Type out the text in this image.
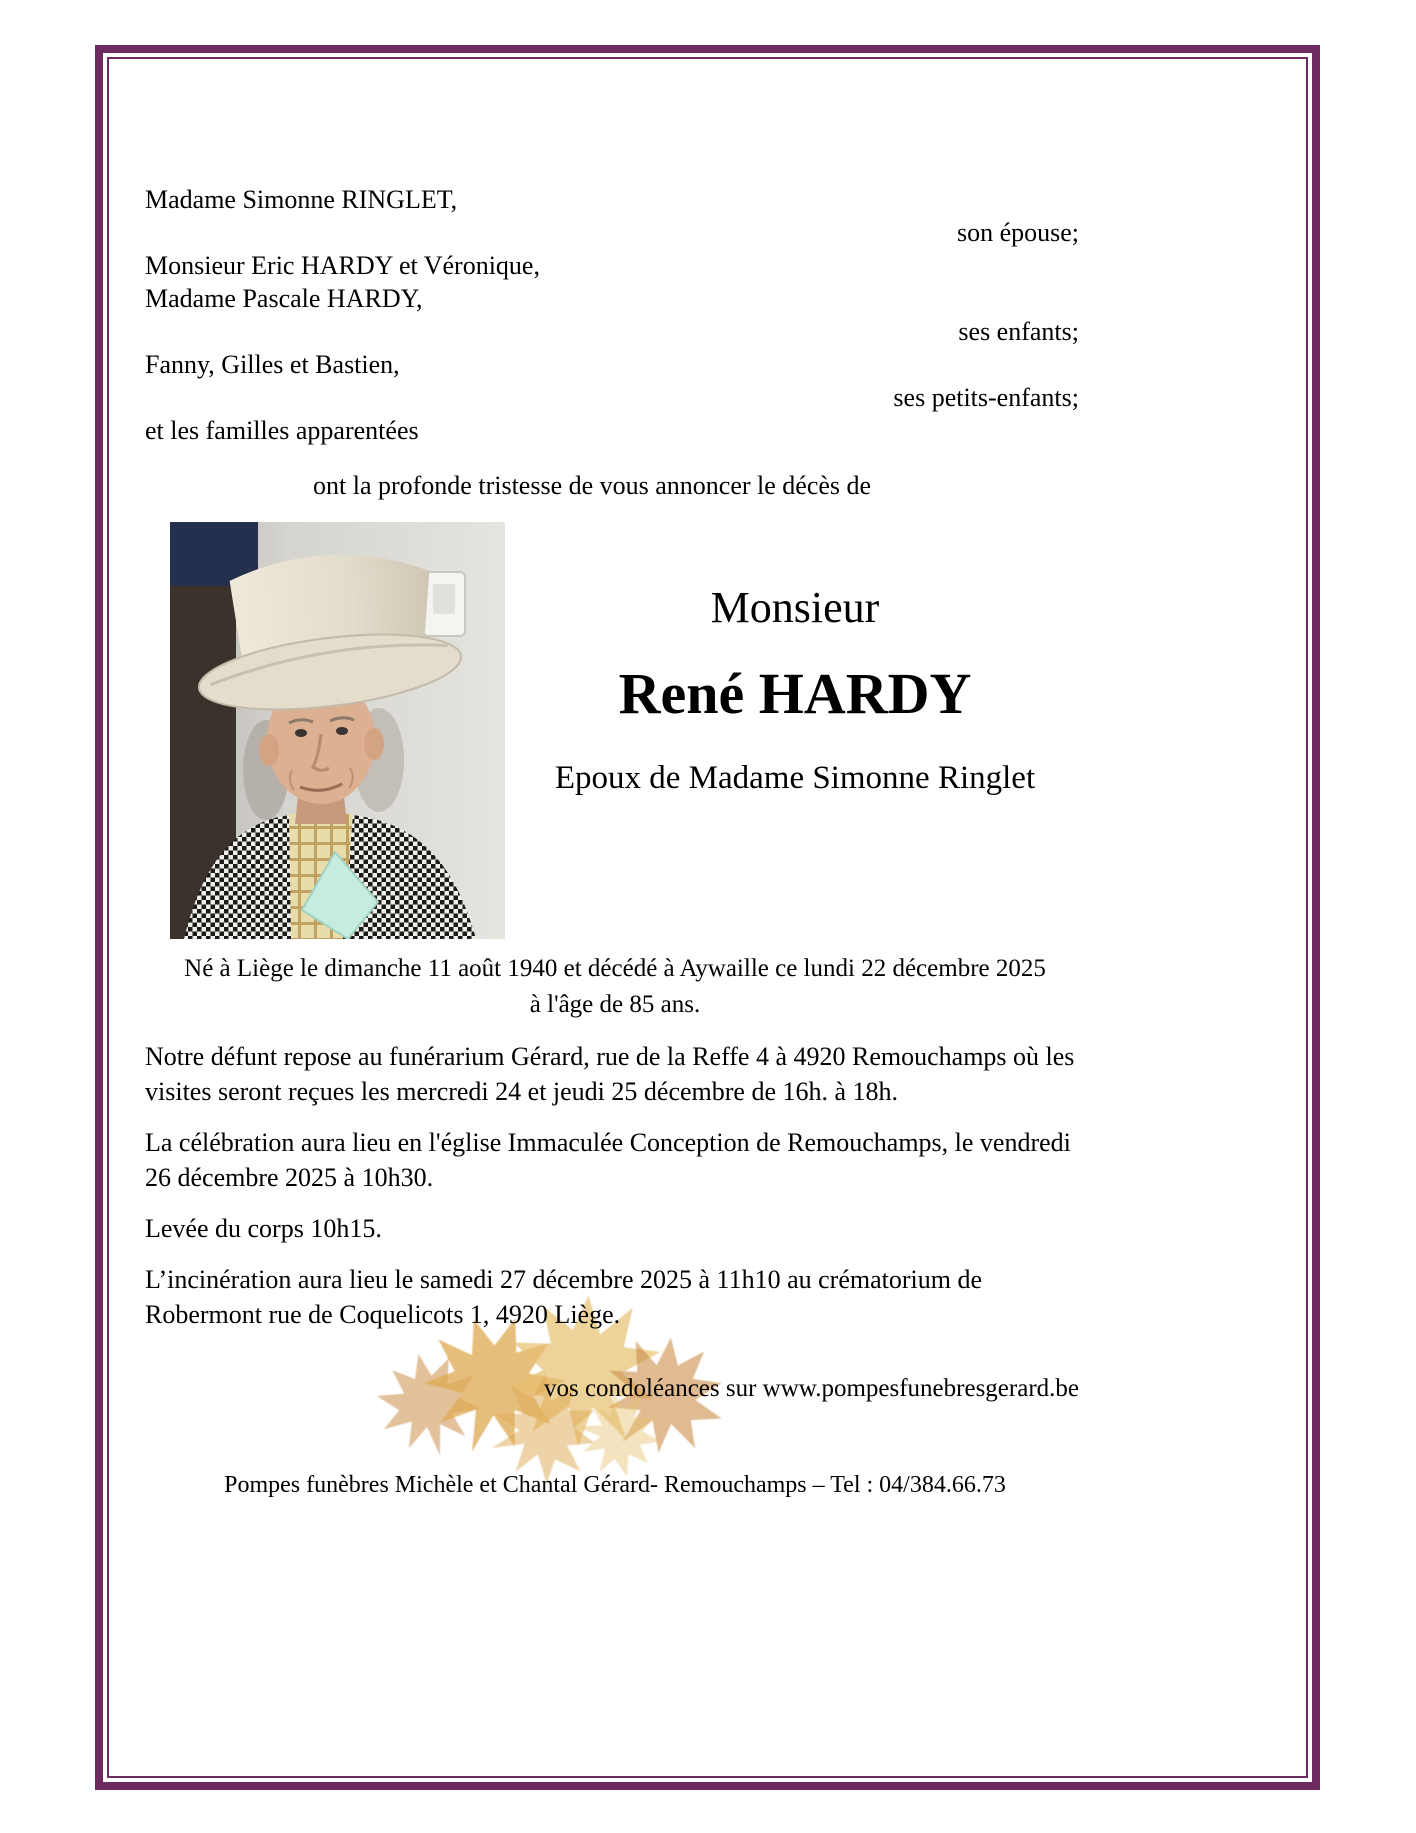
Madame Simonne RINGLET,

son épouse;

Monsieur Eric HARDY et Véronique,

Madame Pascale HARDY,

ses enfants;

Fanny, Gilles et Bastien,

ses petits-enfants;

et les familles apparentées

ont la profonde tristesse de vous annoncer le décès de

Monsieur
René HARDY
Epoux de Madame Simonne Ringlet

Né à Liège le dimanche 11 août 1940 et décédé à Aywaille ce lundi 22 décembre 2025
à l'âge de 85 ans.

Notre défunt repose au funérarium Gérard, rue de la Reffe 4 à 4920 Remouchamps où les visites seront reçues les mercredi 24 et jeudi 25 décembre de 16h. à 18h.

La célébration aura lieu en l'église Immaculée Conception de Remouchamps, le vendredi 26 décembre 2025 à 10h30.

Levée du corps 10h15.

L’incinération aura lieu le samedi 27 décembre 2025 à 11h10 au crématorium de Robermont rue de Coquelicots 1, 4920 Liège.

vos condoléances sur www.pompesfunebresgerard.be

Pompes funèbres Michèle et Chantal Gérard- Remouchamps – Tel : 04/384.66.73
